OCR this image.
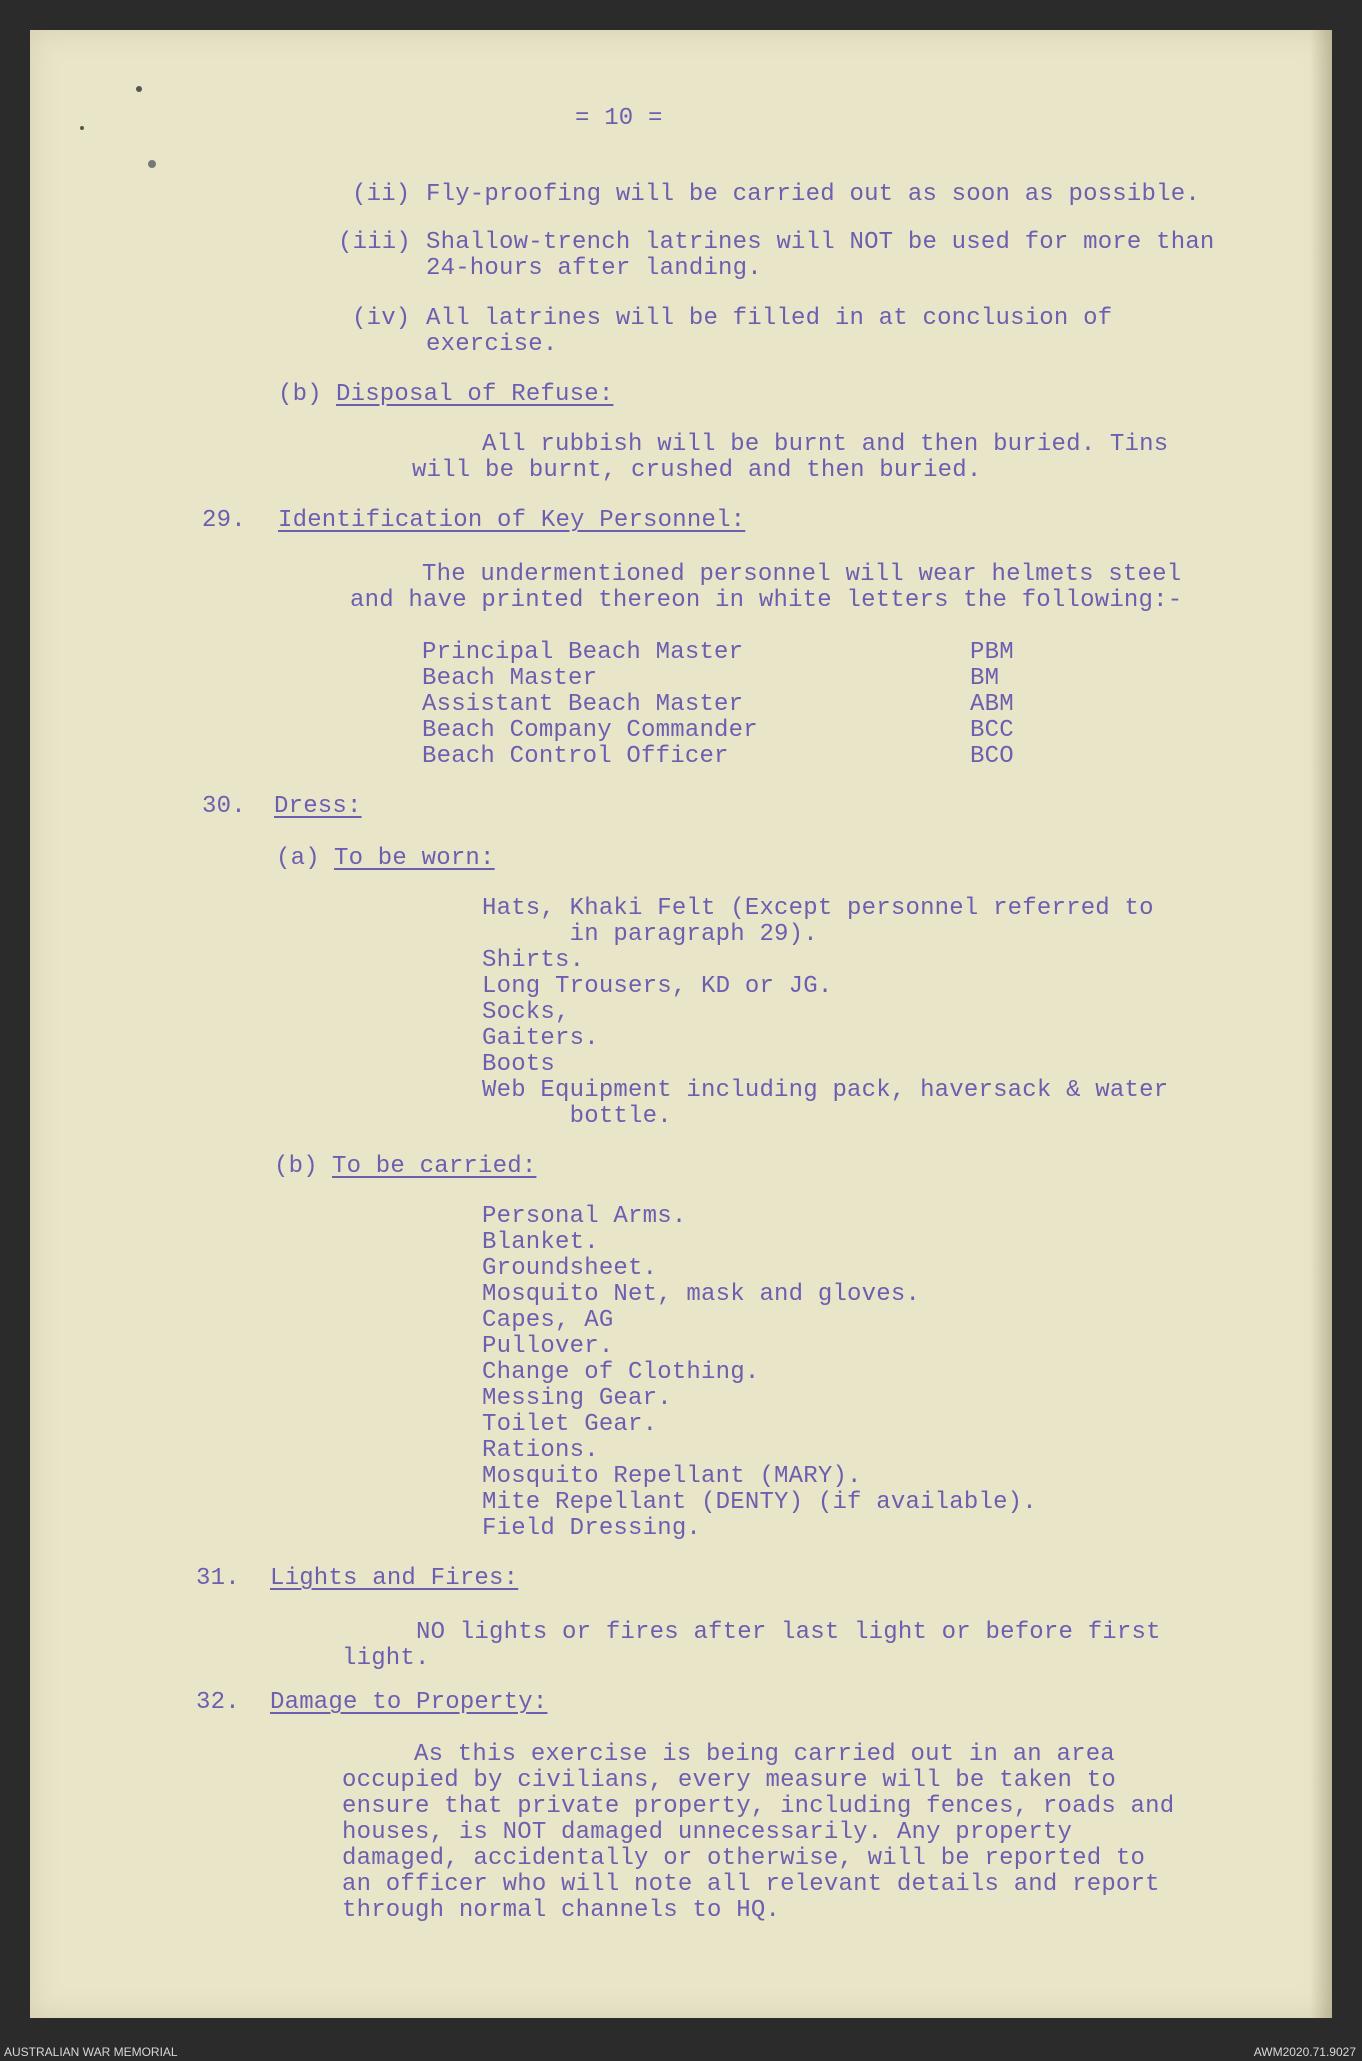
= 10 =

(ii) Fly-proofing will be carried out as soon as possible.

(iii) Shallow-trench latrines will NOT be used for more than

24-hours after landing.

(iv) All latrines will be filled in at conclusion of

exercise.

(b) Disposal of Refuse:

All rubbish will be burnt and then buried. Tins

will be burnt, crushed and then buried.

29. Identification of Key Personnel:

The undermentioned personnel will wear helmets steel

and have printed thereon in white letters the following:-

Principal Beach Master	PBM

Beach Master	BM

Assistant Beach Master	ABM

Beach Company Commander	BCC

Beach Control Officer	BCO

30. Dress:

(a) To be worn:

Hats, Khaki Felt (Except personnel referred to

in paragraph 29).

Shirts.

Long Trousers, KD or JG.

Socks,

Gaiters.

Boots

Web Equipment including pack, haversack & water

bottle.

(b) To be carried:

Personal Arms.

Blanket.

Groundsheet.

Mosquito Net, mask and gloves.

Capes, AG

Pullover.

Change of Clothing.

Messing Gear.

Toilet Gear.

Rations.

Mosquito Repellant (MARY).

Mite Repellant (DENTY) (if available).

Field Dressing.

31. Lights and Fires:

NO lights or fires after last light or before first

light.

32. Damage to Property:

As this exercise is being carried out in an area

occupied by civilians, every measure will be taken to

ensure that private property, including fences, roads and

houses, is NOT damaged unnecessarily. Any property

damaged, accidentally or otherwise, will be reported to

an officer who will note all relevant details and report

through normal channels to HQ.

AUSTRALIAN WAR MEMORIAL	AWM2020.71.9027
